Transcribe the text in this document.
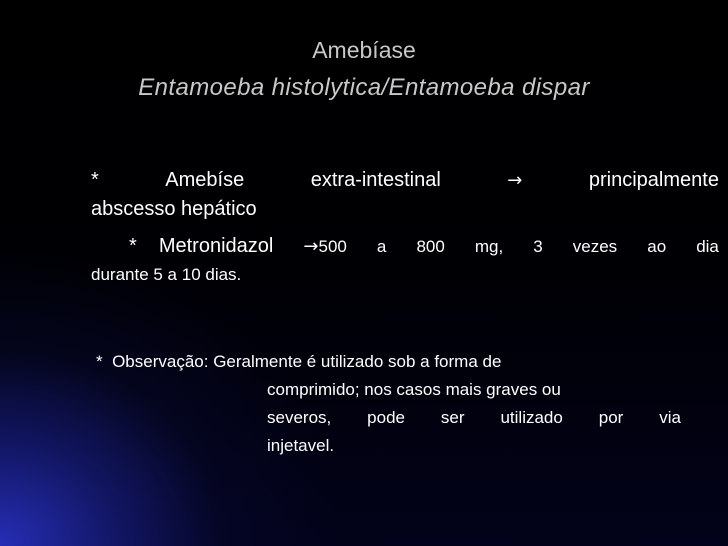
Amebíase
Entamoeba histolytica/Entamoeba dispar
*	Amebíse	extra-intestinal	→	principalmente
abscesso hepático
* Metronidazol → 500 a 800 mg, 3 vezes ao dia
durante 5 a 10 dias.
* Observação: Geralmente é utilizado sob a forma de
comprimido; nos casos mais graves ou
severos, pode ser utilizado por via
injetavel.
